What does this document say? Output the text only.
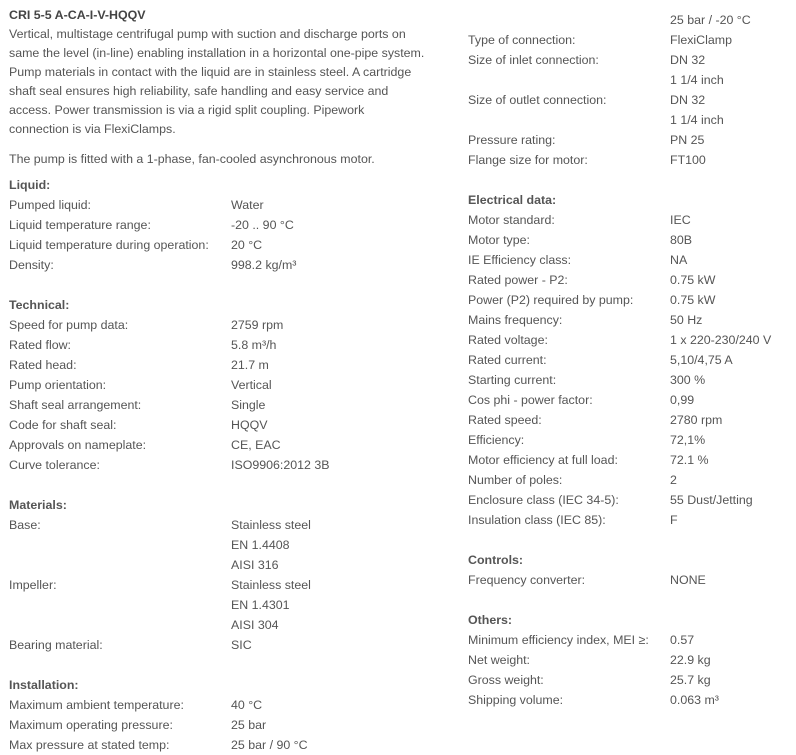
CRI 5-5 A-CA-I-V-HQQV
Vertical, multistage centrifugal pump with suction and discharge ports on
same the level (in-line) enabling installation in a horizontal one-pipe system.
Pump materials in contact with the liquid are in stainless steel. A cartridge
shaft seal ensures high reliability, safe handling and easy service and
access. Power transmission is via a rigid split coupling. Pipework
connection is via FlexiClamps.
The pump is fitted with a 1-phase, fan-cooled asynchronous motor.
Liquid:
Pumped liquid:	Water
Liquid temperature range:	-20 .. 90 °C
Liquid temperature during operation:	20 °C
Density:	998.2 kg/m³
Technical:
Speed for pump data:	2759 rpm
Rated flow:	5.8 m³/h
Rated head:	21.7 m
Pump orientation:	Vertical
Shaft seal arrangement:	Single
Code for shaft seal:	HQQV
Approvals on nameplate:	CE, EAC
Curve tolerance:	ISO9906:2012 3B
Materials:
Base:	Stainless steel
EN 1.4408
AISI 316
Impeller:	Stainless steel
EN 1.4301
AISI 304
Bearing material:	SIC
Installation:
Maximum ambient temperature:	40 °C
Maximum operating pressure:	25 bar
Max pressure at stated temp:	25 bar / 90 °C
25 bar / -20 °C
Type of connection:	FlexiClamp
Size of inlet connection:	DN 32
1 1/4 inch
Size of outlet connection:	DN 32
1 1/4 inch
Pressure rating:	PN 25
Flange size for motor:	FT100
Electrical data:
Motor standard:	IEC
Motor type:	80B
IE Efficiency class:	NA
Rated power - P2:	0.75 kW
Power (P2) required by pump:	0.75 kW
Mains frequency:	50 Hz
Rated voltage:	1 x 220-230/240 V
Rated current:	5,10/4,75 A
Starting current:	300 %
Cos phi - power factor:	0,99
Rated speed:	2780 rpm
Efficiency:	72,1%
Motor efficiency at full load:	72.1 %
Number of poles:	2
Enclosure class (IEC 34-5):	55 Dust/Jetting
Insulation class (IEC 85):	F
Controls:
Frequency converter:	NONE
Others:
Minimum efficiency index, MEI ≥:	0.57
Net weight:	22.9 kg
Gross weight:	25.7 kg
Shipping volume:	0.063 m³
